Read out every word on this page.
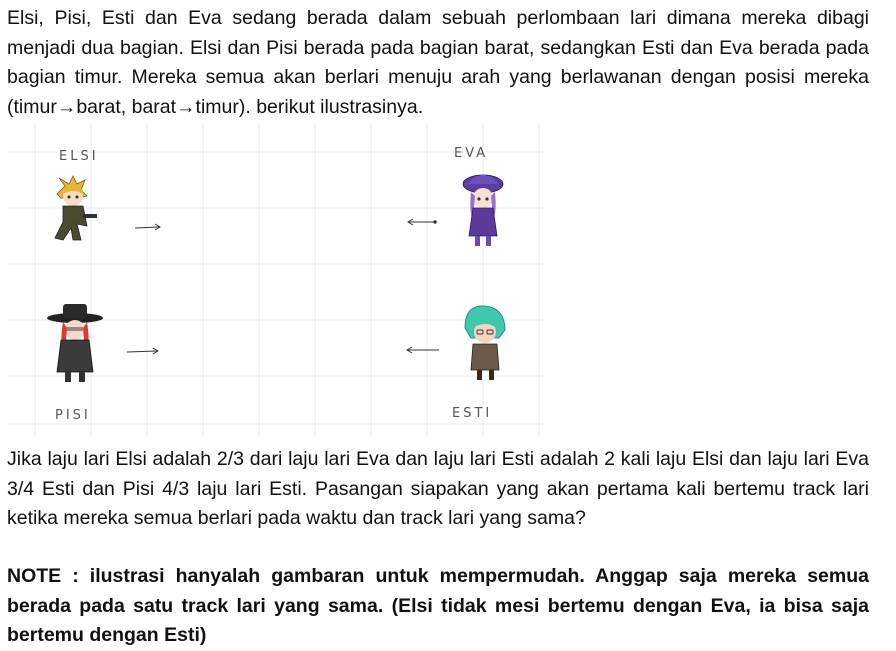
Elsi, Pisi, Esti dan Eva sedang berada dalam sebuah perlombaan lari dimana mereka dibagi menjadi dua bagian. Elsi dan Pisi berada pada bagian barat, sedangkan Esti dan Eva berada pada bagian timur. Mereka semua akan berlari menuju arah yang berlawanan dengan posisi mereka (timur→barat, barat→timur). berikut ilustrasinya.

ELSI	EVA
PISI	ESTI

Jika laju lari Elsi adalah 2/3 dari laju lari Eva dan laju lari Esti adalah 2 kali laju Elsi dan laju lari Eva 3/4 Esti dan Pisi 4/3 laju lari Esti. Pasangan siapakan yang akan pertama kali bertemu track lari ketika mereka semua berlari pada waktu dan track lari yang sama?

NOTE : ilustrasi hanyalah gambaran untuk mempermudah. Anggap saja mereka semua berada pada satu track lari yang sama. (Elsi tidak mesi bertemu dengan Eva, ia bisa saja bertemu dengan Esti)
